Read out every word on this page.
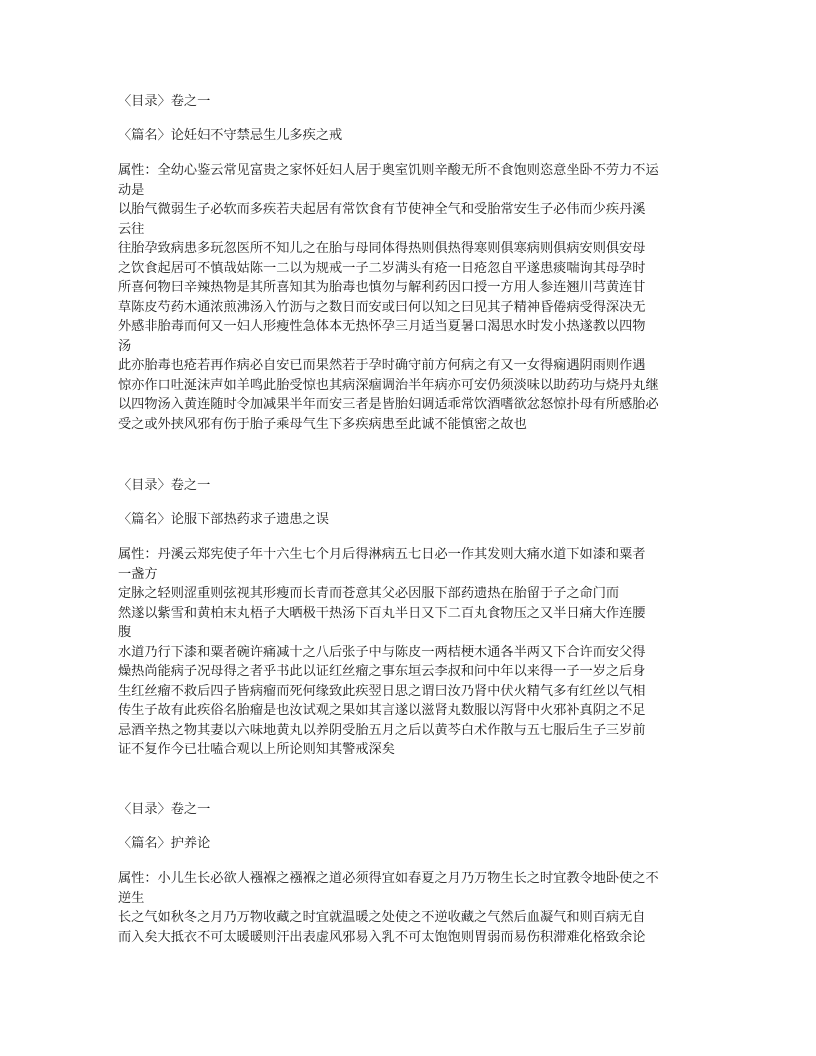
〈目录〉卷之一

〈篇名〉论妊妇不守禁忌生儿多疾之戒

属性：全幼心鉴云常见富贵之家怀妊妇人居于奥室饥则辛酸无所不食饱则恣意坐卧不劳力不运

动是

以胎气微弱生子必软而多疾若夫起居有常饮食有节使神全气和受胎常安生子必伟而少疾丹溪

云往

往胎孕致病患多玩忽医所不知儿之在胎与母同体得热则俱热得寒则俱寒病则俱病安则俱安母

之饮食起居可不慎哉姑陈一二以为规戒一子二岁满头有疮一日疮忽自平遂患痰喘询其母孕时

所喜何物曰辛辣热物是其所喜知其为胎毒也慎勿与解利药因口授一方用人参连翘川芎黄连甘

草陈皮芍药木通浓煎沸汤入竹沥与之数日而安或曰何以知之曰见其子精神昏倦病受得深决无

外感非胎毒而何又一妇人形瘦性急体本无热怀孕三月适当夏暑口渴思水时发小热遂教以四物

汤

此亦胎毒也疮若再作病必自安已而果然若于孕时确守前方何病之有又一女得痫遇阴雨则作遇

惊亦作口吐涎沫声如羊鸣此胎受惊也其病深痼调治半年病亦可安仍须淡味以助药功与烧丹丸继

以四物汤入黄连随时令加减果半年而安三者是皆胎妇调适乖常饮酒嗜欲忿怒惊扑母有所感胎必

受之或外挟风邪有伤于胎子乘母气生下多疾病患至此诚不能慎密之故也

〈目录〉卷之一

〈篇名〉论服下部热药求子遗患之误

属性：丹溪云郑宪使子年十六生七个月后得淋病五七日必一作其发则大痛水道下如漆和粟者

一盏方

定脉之轻则涩重则弦视其形瘦而长青而苍意其父必因服下部药遗热在胎留于子之命门而

然遂以紫雪和黄柏末丸梧子大晒极干热汤下百丸半日又下二百丸食物压之又半日痛大作连腰

腹

水道乃行下漆和粟者碗许痛减十之八后张子中与陈皮一两桔梗木通各半两又下合许而安父得

燥热尚能病子况母得之者乎书此以证红丝瘤之事东垣云李叔和问中年以来得一子一岁之后身

生红丝瘤不救后四子皆病瘤而死何缘致此疾翌日思之谓曰汝乃肾中伏火精气多有红丝以气相

传生子故有此疾俗名胎瘤是也汝试观之果如其言遂以滋肾丸数服以泻肾中火邪补真阴之不足

忌酒辛热之物其妻以六味地黄丸以养阴受胎五月之后以黄芩白术作散与五七服后生子三岁前

证不复作今已壮嗑合观以上所论则知其警戒深矣

〈目录〉卷之一

〈篇名〉护养论

属性：小儿生长必欲人襁褓之襁褓之道必须得宜如春夏之月乃万物生长之时宜教令地卧使之不

逆生

长之气如秋冬之月乃万物收藏之时宜就温暖之处使之不逆收藏之气然后血凝气和则百病无自

而入矣大抵衣不可太暖暖则汗出表虚风邪易入乳不可太饱饱则胃弱而易伤积滞难化格致余论
